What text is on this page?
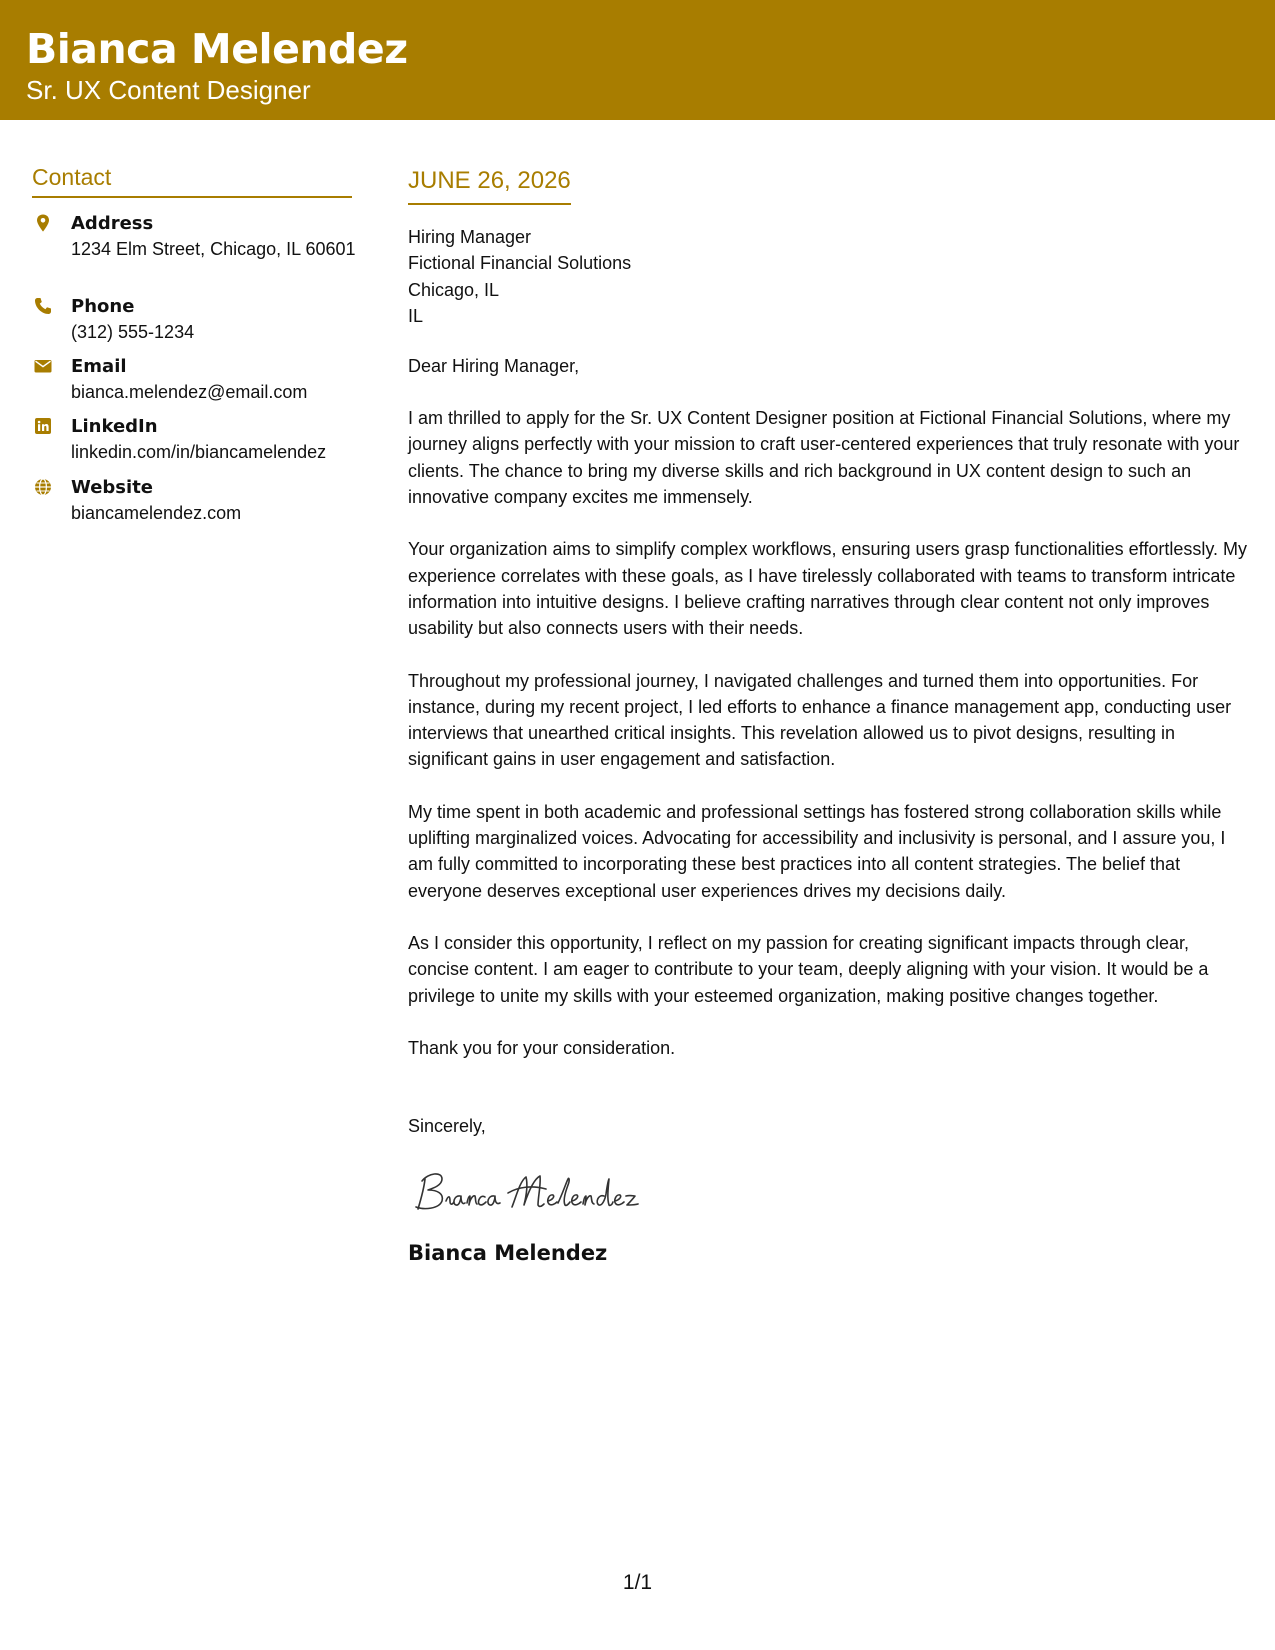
Bianca Melendez
Sr. UX Content Designer
Contact
Address
1234 Elm Street, Chicago, IL 60601
Phone
(312) 555-1234
Email
bianca.melendez@email.com
LinkedIn
linkedin.com/in/biancamelendez
Website
biancamelendez.com
JUNE 26, 2026
Hiring Manager
Fictional Financial Solutions
Chicago, IL
IL
Dear Hiring Manager,
I am thrilled to apply for the Sr. UX Content Designer position at Fictional Financial Solutions, where my journey aligns perfectly with your mission to craft user-centered experiences that truly resonate with your clients. The chance to bring my diverse skills and rich background in UX content design to such an innovative company excites me immensely.
Your organization aims to simplify complex workflows, ensuring users grasp functionalities effortlessly. My experience correlates with these goals, as I have tirelessly collaborated with teams to transform intricate information into intuitive designs. I believe crafting narratives through clear content not only improves usability but also connects users with their needs.
Throughout my professional journey, I navigated challenges and turned them into opportunities. For instance, during my recent project, I led efforts to enhance a finance management app, conducting user interviews that unearthed critical insights. This revelation allowed us to pivot designs, resulting in significant gains in user engagement and satisfaction.
My time spent in both academic and professional settings has fostered strong collaboration skills while uplifting marginalized voices. Advocating for accessibility and inclusivity is personal, and I assure you, I am fully committed to incorporating these best practices into all content strategies. The belief that everyone deserves exceptional user experiences drives my decisions daily.
As I consider this opportunity, I reflect on my passion for creating significant impacts through clear, concise content. I am eager to contribute to your team, deeply aligning with your vision. It would be a privilege to unite my skills with your esteemed organization, making positive changes together.
Thank you for your consideration.
Sincerely,
Bianca Melendez
1/1
